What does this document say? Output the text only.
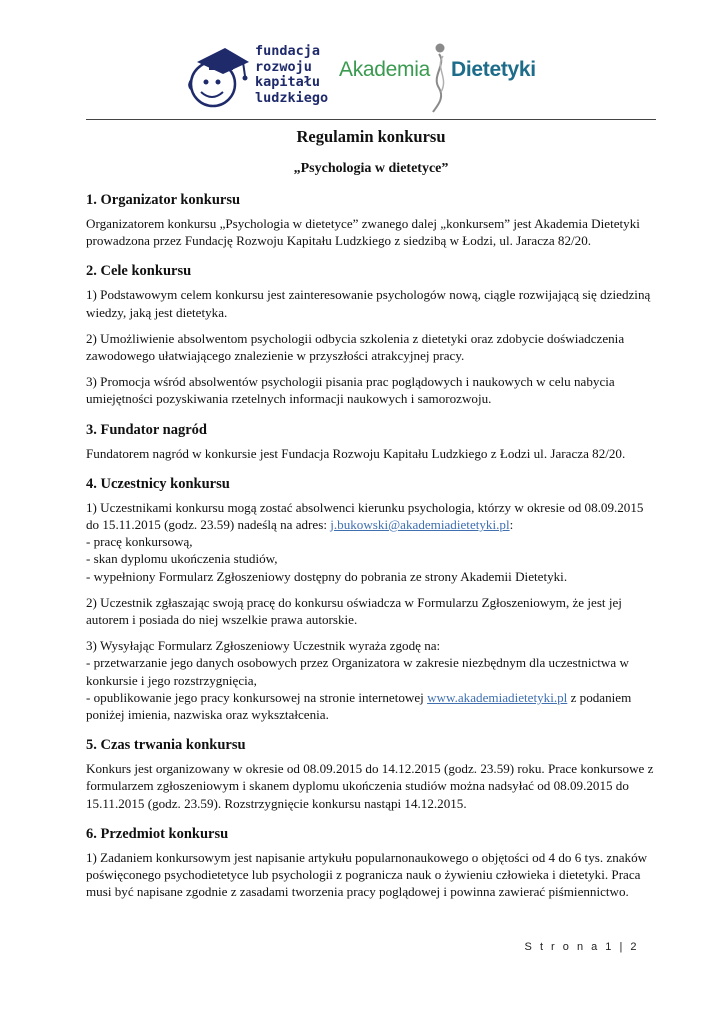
fundacja
rozwoju
kapitału
ludzkiego
Akademia Dietetyki
Regulamin konkursu
„Psychologia w dietetyce”
1. Organizator konkursu

Organizatorem konkursu „Psychologia w dietetyce” zwanego dalej „konkursem” jest Akademia Dietetyki prowadzona przez Fundację Rozwoju Kapitału Ludzkiego z siedzibą w Łodzi, ul. Jaracza 82/20.

2. Cele konkursu

1) Podstawowym celem konkursu jest zainteresowanie psychologów nową, ciągle rozwijającą się dziedziną wiedzy, jaką jest dietetyka.

2) Umożliwienie absolwentom psychologii odbycia szkolenia z dietetyki oraz zdobycie doświadczenia zawodowego ułatwiającego znalezienie w przyszłości atrakcyjnej pracy.

3) Promocja wśród absolwentów psychologii pisania prac poglądowych i naukowych w celu nabycia umiejętności pozyskiwania rzetelnych informacji naukowych i samorozwoju.

3. Fundator nagród

Fundatorem nagród w konkursie jest Fundacja Rozwoju Kapitału Ludzkiego z Łodzi ul. Jaracza 82/20.

4. Uczestnicy konkursu

1) Uczestnikami konkursu mogą zostać absolwenci kierunku psychologia, którzy w okresie od 08.09.2015 do 15.11.2015 (godz. 23.59) nadeślą na adres: j.bukowski@akademiadietetyki.pl:
- pracę konkursową,
- skan dyplomu ukończenia studiów,
- wypełniony Formularz Zgłoszeniowy dostępny do pobrania ze strony Akademii Dietetyki.

2) Uczestnik zgłaszając swoją pracę do konkursu oświadcza w Formularzu Zgłoszeniowym, że jest jej autorem i posiada do niej wszelkie prawa autorskie.

3) Wysyłając Formularz Zgłoszeniowy Uczestnik wyraża zgodę na:
- przetwarzanie jego danych osobowych przez Organizatora w zakresie niezbędnym dla uczestnictwa w konkursie i jego rozstrzygnięcia,
- opublikowanie jego pracy konkursowej na stronie internetowej www.akademiadietetyki.pl z podaniem poniżej imienia, nazwiska oraz wykształcenia.

5. Czas trwania konkursu

Konkurs jest organizowany w okresie od 08.09.2015 do 14.12.2015 (godz. 23.59) roku. Prace konkursowe z formularzem zgłoszeniowym i skanem dyplomu ukończenia studiów można nadsyłać od 08.09.2015 do 15.11.2015 (godz. 23.59). Rozstrzygnięcie konkursu nastąpi 14.12.2015.

6. Przedmiot konkursu

1) Zadaniem konkursowym jest napisanie artykułu popularnonaukowego o objętości od 4 do 6 tys. znaków poświęconego psychodietetyce lub psychologii z pogranicza nauk o żywieniu człowieka i dietetyki. Praca musi być napisane zgodnie z zasadami tworzenia pracy poglądowej i powinna zawierać piśmiennictwo.

S t r o n a 1 | 2
